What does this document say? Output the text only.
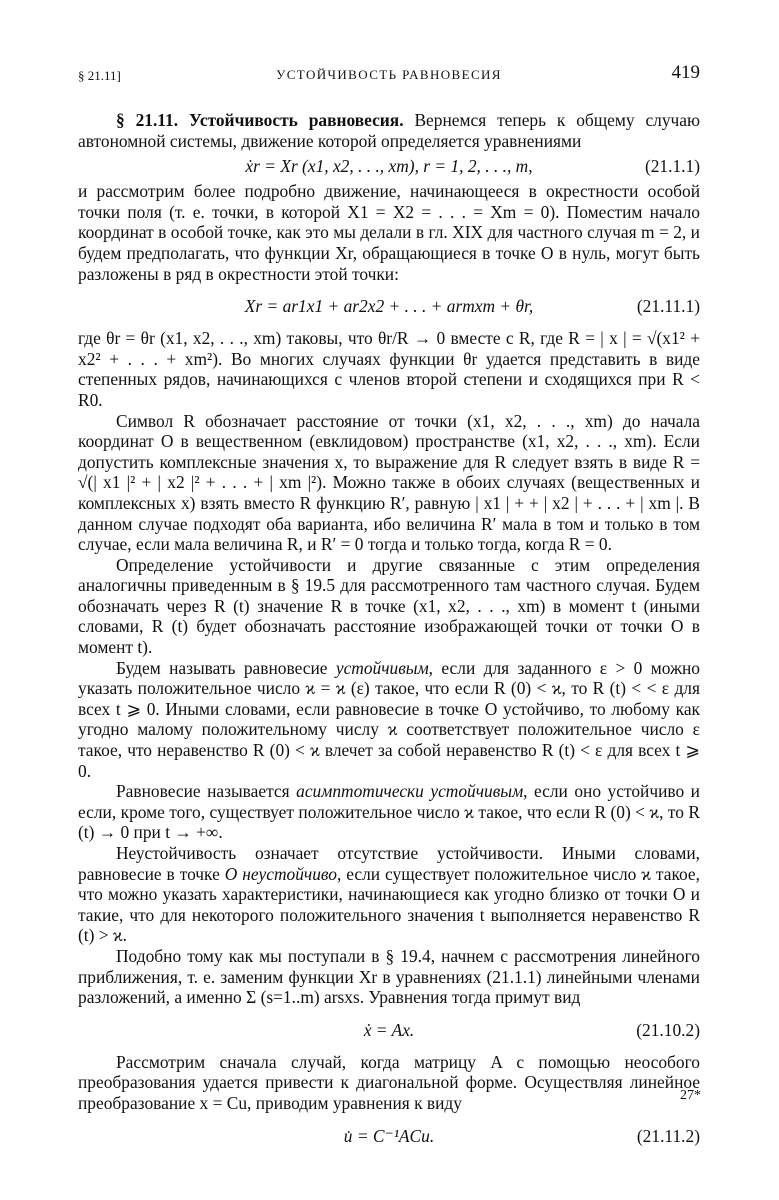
§ 21.11]	УСТОЙЧИВОСТЬ РАВНОВЕСИЯ	419

§ 21.11. Устойчивость равновесия. Вернемся теперь к общему случаю автономной системы, движение которой определяется уравнениями

ẋr = Xr (x1, x2, . . ., xm), r = 1, 2, . . ., m,	(21.1.1)

и рассмотрим более подробно движение, начинающееся в окрестности особой точки поля (т. е. точки, в которой X1 = X2 = . . . = Xm = 0). Поместим начало координат в особой точке, как это мы делали в гл. XIX для частного случая m = 2, и будем предполагать, что функции Xr, обращающиеся в точке O в нуль, могут быть разложены в ряд в окрестности этой точки:

Xr = ar1x1 + ar2x2 + . . . + armxm + θr,	(21.11.1)

где θr = θr (x1, x2, . . ., xm) таковы, что θr/R → 0 вместе с R, где R = | x | = √(x1² + x2² + . . . + xm²). Во многих случаях функции θr удается представить в виде степенных рядов, начинающихся с членов второй степени и сходящихся при R < R0.

Символ R обозначает расстояние от точки (x1, x2, . . ., xm) до начала координат O в вещественном (евклидовом) пространстве (x1, x2, . . ., xm). Если допустить комплексные значения x, то выражение для R следует взять в виде R = √(| x1 |² + | x2 |² + . . . + | xm |²). Можно также в обоих случаях (вещественных и комплексных x) взять вместо R функцию R′, равную | x1 | + + | x2 | + . . . + | xm |. В данном случае подходят оба варианта, ибо величина R′ мала в том и только в том случае, если мала величина R, и R′ = 0 тогда и только тогда, когда R = 0.

Определение устойчивости и другие связанные с этим определения аналогичны приведенным в § 19.5 для рассмотренного там частного случая. Будем обозначать через R (t) значение R в точке (x1, x2, . . ., xm) в момент t (иными словами, R (t) будет обозначать расстояние изображающей точки от точки O в момент t).

Будем называть равновесие устойчивым, если для заданного ε > 0 можно указать положительное число ϰ = ϰ (ε) такое, что если R (0) < ϰ, то R (t) < < ε для всех t ⩾ 0. Иными словами, если равновесие в точке O устойчиво, то любому как угодно малому положительному числу ϰ соответствует положительное число ε такое, что неравенство R (0) < ϰ влечет за собой неравенство R (t) < ε для всех t ⩾ 0.

Равновесие называется асимптотически устойчивым, если оно устойчиво и если, кроме того, существует положительное число ϰ такое, что если R (0) < ϰ, то R (t) → 0 при t → +∞.

Неустойчивость означает отсутствие устойчивости. Иными словами, равновесие в точке O неустойчиво, если существует положительное число ϰ такое, что можно указать характеристики, начинающиеся как угодно близко от точки O и такие, что для некоторого положительного значения t выполняется неравенство R (t) > ϰ.

Подобно тому как мы поступали в § 19.4, начнем с рассмотрения линейного приближения, т. е. заменим функции Xr в уравнениях (21.1.1) линейными членами разложений, а именно Σ (s=1..m) arsxs. Уравнения тогда примут вид

ẋ = Ax.	(21.10.2)

Рассмотрим сначала случай, когда матрицу A с помощью неособого преобразования удается привести к диагональной форме. Осуществляя линейное преобразование x = Cu, приводим уравнения к виду

u̇ = C⁻¹ACu.	(21.11.2)
27*
